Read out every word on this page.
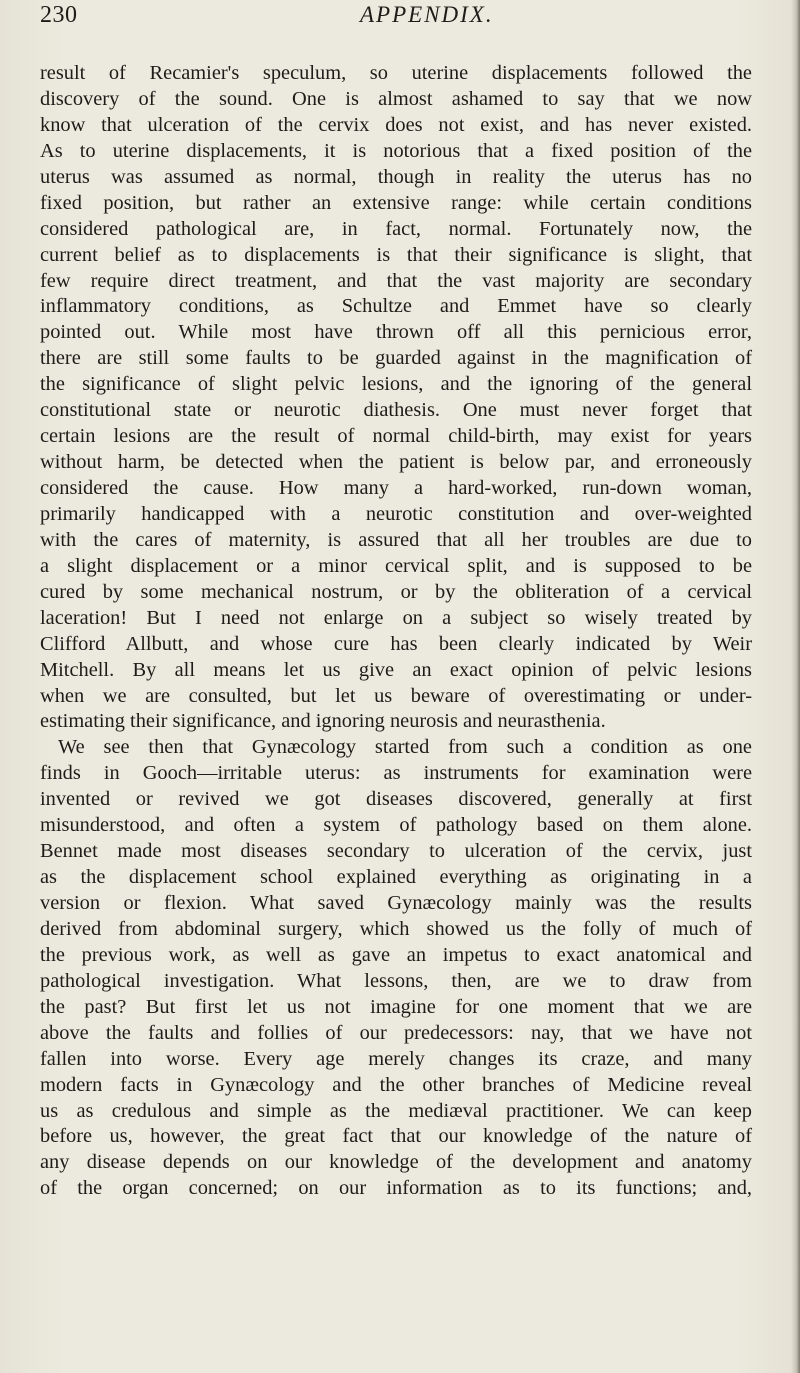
230	APPENDIX.
result of Recamier's speculum, so uterine displacements followed the
discovery of the sound. One is almost ashamed to say that we now
know that ulceration of the cervix does not exist, and has never existed.
As to uterine displacements, it is notorious that a fixed position of the
uterus was assumed as normal, though in reality the uterus has no
fixed position, but rather an extensive range: while certain conditions
considered pathological are, in fact, normal. Fortunately now, the
current belief as to displacements is that their significance is slight, that
few require direct treatment, and that the vast majority are secondary
inflammatory conditions, as Schultze and Emmet have so clearly
pointed out. While most have thrown off all this pernicious error,
there are still some faults to be guarded against in the magnification of
the significance of slight pelvic lesions, and the ignoring of the general
constitutional state or neurotic diathesis. One must never forget that
certain lesions are the result of normal child-birth, may exist for years
without harm, be detected when the patient is below par, and erroneously
considered the cause. How many a hard-worked, run-down woman,
primarily handicapped with a neurotic constitution and over-weighted
with the cares of maternity, is assured that all her troubles are due to
a slight displacement or a minor cervical split, and is supposed to be
cured by some mechanical nostrum, or by the obliteration of a cervical
laceration! But I need not enlarge on a subject so wisely treated by
Clifford Allbutt, and whose cure has been clearly indicated by Weir
Mitchell. By all means let us give an exact opinion of pelvic lesions
when we are consulted, but let us beware of overestimating or under-
estimating their significance, and ignoring neurosis and neurasthenia.
We see then that Gynæcology started from such a condition as one
finds in Gooch—irritable uterus: as instruments for examination were
invented or revived we got diseases discovered, generally at first
misunderstood, and often a system of pathology based on them alone.
Bennet made most diseases secondary to ulceration of the cervix, just
as the displacement school explained everything as originating in a
version or flexion. What saved Gynæcology mainly was the results
derived from abdominal surgery, which showed us the folly of much of
the previous work, as well as gave an impetus to exact anatomical and
pathological investigation. What lessons, then, are we to draw from
the past? But first let us not imagine for one moment that we are
above the faults and follies of our predecessors: nay, that we have not
fallen into worse. Every age merely changes its craze, and many
modern facts in Gynæcology and the other branches of Medicine reveal
us as credulous and simple as the mediæval practitioner. We can keep
before us, however, the great fact that our knowledge of the nature of
any disease depends on our knowledge of the development and anatomy
of the organ concerned; on our information as to its functions; and,
